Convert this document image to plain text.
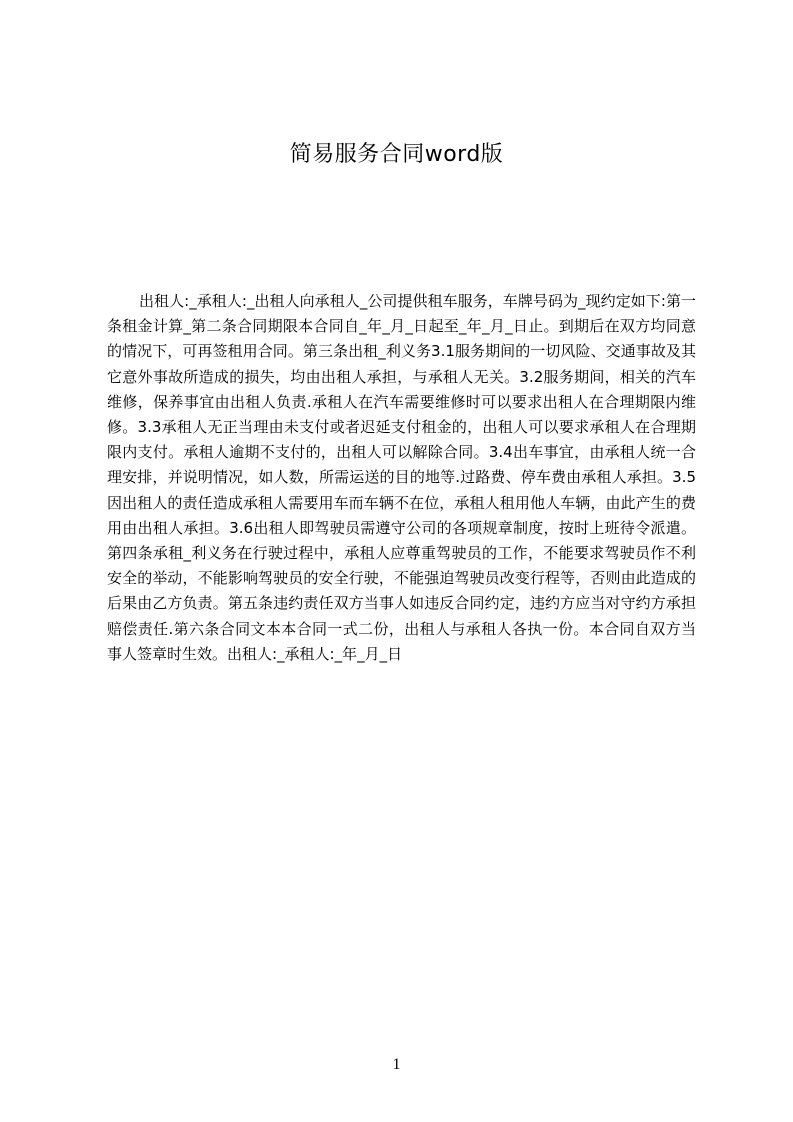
简易服务合同word版

出租人:_承租人:_出租人向承租人_公司提供租车服务，车牌号码为_现约定如下:第一条租金计算_第二条合同期限本合同自_年_月_日起至_年_月_日止。到期后在双方均同意的情况下，可再签租用合同。第三条出租_利义务3.1服务期间的一切风险、交通事故及其它意外事故所造成的损失，均由出租人承担，与承租人无关。3.2服务期间，相关的汽车维修，保养事宜由出租人负责.承租人在汽车需要维修时可以要求出租人在合理期限内维修。3.3承租人无正当理由未支付或者迟延支付租金的，出租人可以要求承租人在合理期限内支付。承租人逾期不支付的，出租人可以解除合同。3.4出车事宜，由承租人统一合理安排，并说明情况，如人数，所需运送的目的地等.过路费、停车费由承租人承担。3.5因出租人的责任造成承租人需要用车而车辆不在位，承租人租用他人车辆，由此产生的费用由出租人承担。3.6出租人即驾驶员需遵守公司的各项规章制度，按时上班待令派遣。第四条承租_利义务在行驶过程中，承租人应尊重驾驶员的工作，不能要求驾驶员作不利安全的举动，不能影响驾驶员的安全行驶，不能强迫驾驶员改变行程等，否则由此造成的后果由乙方负责。第五条违约责任双方当事人如违反合同约定，违约方应当对守约方承担赔偿责任.第六条合同文本本合同一式二份，出租人与承租人各执一份。本合同自双方当事人签章时生效。出租人:_承租人:_年_月_日

1
